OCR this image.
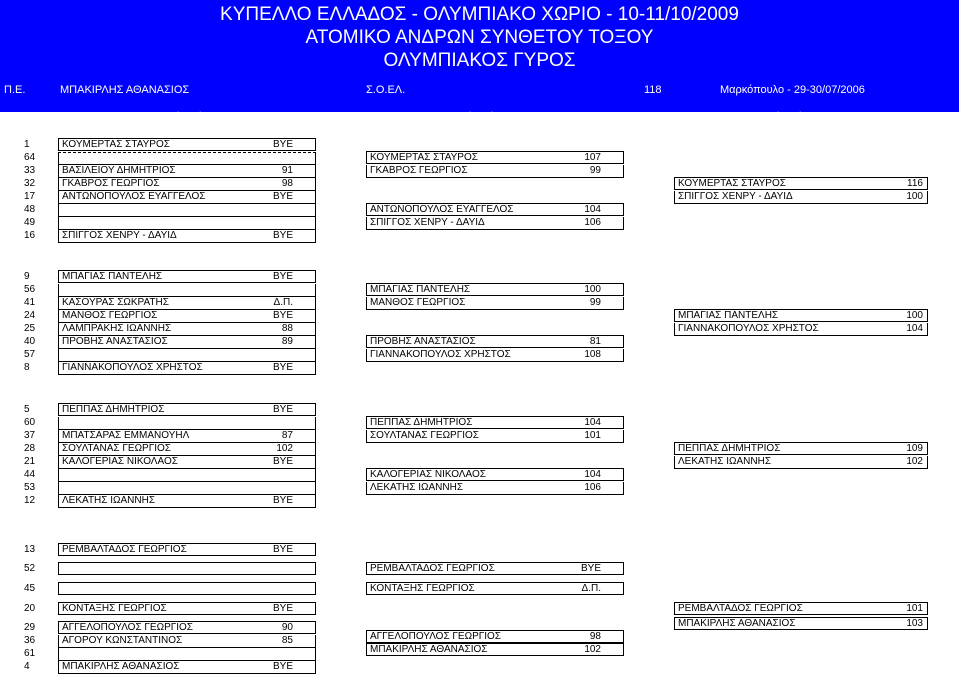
ΚΥΠΕΛΛΟ ΕΛΛΑΔΟΣ - ΟΛΥΜΠΙΑΚΟ ΧΩΡΙΟ - 10-11/10/2009
ΑΤΟΜΙΚΟ ΑΝΔΡΩΝ ΣΥΝΘΕΤΟΥ ΤΟΞΟΥ
ΟΛΥΜΠΙΑΚΟΣ ΓΥΡΟΣ
Π.Ε.	ΜΠΑΚΙΡΛΗΣ ΑΘΑΝΑΣΙΟΣ	Σ.Ο.ΕΛ.	118	Μαρκόπουλο - 29-30/07/2006
Κατ. Γ.Κ.	Ολυμπιακός Γύρος 1/32	Ολυμπιακός Γύρος 1/16	Ολυμπιακός Γύρος 1/8
1	ΚΟΥΜΕΡΤΑΣ ΣΤΑΥΡΟΣ	BYE
64
33	ΒΑΣΙΛΕΙΟΥ ΔΗΜΗΤΡΙΟΣ	91
32	ΓΚΑΒΡΟΣ ΓΕΩΡΓΙΟΣ	98
17	ΑΝΤΩΝΟΠΟΥΛΟΣ ΕΥΑΓΓΕΛΟΣ	BYE
48
49
16	ΣΠΙΓΓΟΣ ΧΕΝΡΥ - ΔΑΥΙΔ	BYE
ΚΟΥΜΕΡΤΑΣ ΣΤΑΥΡΟΣ	107
ΓΚΑΒΡΟΣ ΓΕΩΡΓΙΟΣ	99
ΑΝΤΩΝΟΠΟΥΛΟΣ ΕΥΑΓΓΕΛΟΣ	104
ΣΠΙΓΓΟΣ ΧΕΝΡΥ - ΔΑΥΙΔ	106
ΚΟΥΜΕΡΤΑΣ ΣΤΑΥΡΟΣ	116
ΣΠΙΓΓΟΣ ΧΕΝΡΥ - ΔΑΥΙΔ	100
9	ΜΠΑΓΙΑΣ ΠΑΝΤΕΛΗΣ	BYE
56
41	ΚΑΣΟΥΡΑΣ ΣΩΚΡΑΤΗΣ	Δ.Π.
24	ΜΑΝΘΟΣ ΓΕΩΡΓΙΟΣ	BYE
25	ΛΑΜΠΡΑΚΗΣ ΙΩΑΝΝΗΣ	88
40	ΠΡΟΒΗΣ ΑΝΑΣΤΑΣΙΟΣ	89
57
8	ΓΙΑΝΝΑΚΟΠΟΥΛΟΣ ΧΡΗΣΤΟΣ	BYE
ΜΠΑΓΙΑΣ ΠΑΝΤΕΛΗΣ	100
ΜΑΝΘΟΣ ΓΕΩΡΓΙΟΣ	99
ΠΡΟΒΗΣ ΑΝΑΣΤΑΣΙΟΣ	81
ΓΙΑΝΝΑΚΟΠΟΥΛΟΣ ΧΡΗΣΤΟΣ	108
ΜΠΑΓΙΑΣ ΠΑΝΤΕΛΗΣ	100
ΓΙΑΝΝΑΚΟΠΟΥΛΟΣ ΧΡΗΣΤΟΣ	104
5	ΠΕΠΠΑΣ ΔΗΜΗΤΡΙΟΣ	BYE
60
37	ΜΠΑΤΣΑΡΑΣ ΕΜΜΑΝΟΥΗΛ	87
28	ΣΟΥΛΤΑΝΑΣ ΓΕΩΡΓΙΟΣ	102
21	ΚΑΛΟΓΕΡΙΑΣ ΝΙΚΟΛΑΟΣ	BYE
44
53
12	ΛΕΚΑΤΗΣ ΙΩΑΝΝΗΣ	BYE
ΠΕΠΠΑΣ ΔΗΜΗΤΡΙΟΣ	104
ΣΟΥΛΤΑΝΑΣ ΓΕΩΡΓΙΟΣ	101
ΚΑΛΟΓΕΡΙΑΣ ΝΙΚΟΛΑΟΣ	104
ΛΕΚΑΤΗΣ ΙΩΑΝΝΗΣ	106
ΠΕΠΠΑΣ ΔΗΜΗΤΡΙΟΣ	109
ΛΕΚΑΤΗΣ ΙΩΑΝΝΗΣ	102
13	ΡΕΜΒΑΛΤΑΔΟΣ ΓΕΩΡΓΙΟΣ	BYE
52
45
20	ΚΟΝΤΑΞΗΣ ΓΕΩΡΓΙΟΣ	BYE
29	ΑΓΓΕΛΟΠΟΥΛΟΣ ΓΕΩΡΓΙΟΣ	90
36	ΑΓΟΡΟΥ ΚΩΝΣΤΑΝΤΙΝΟΣ	85
61
4	ΜΠΑΚΙΡΛΗΣ ΑΘΑΝΑΣΙΟΣ	BYE
ΡΕΜΒΑΛΤΑΔΟΣ ΓΕΩΡΓΙΟΣ	BYE
ΚΟΝΤΑΞΗΣ ΓΕΩΡΓΙΟΣ	Δ.Π.
ΑΓΓΕΛΟΠΟΥΛΟΣ ΓΕΩΡΓΙΟΣ	98
ΜΠΑΚΙΡΛΗΣ ΑΘΑΝΑΣΙΟΣ	102
ΡΕΜΒΑΛΤΑΔΟΣ ΓΕΩΡΓΙΟΣ	101
ΜΠΑΚΙΡΛΗΣ ΑΘΑΝΑΣΙΟΣ	103
